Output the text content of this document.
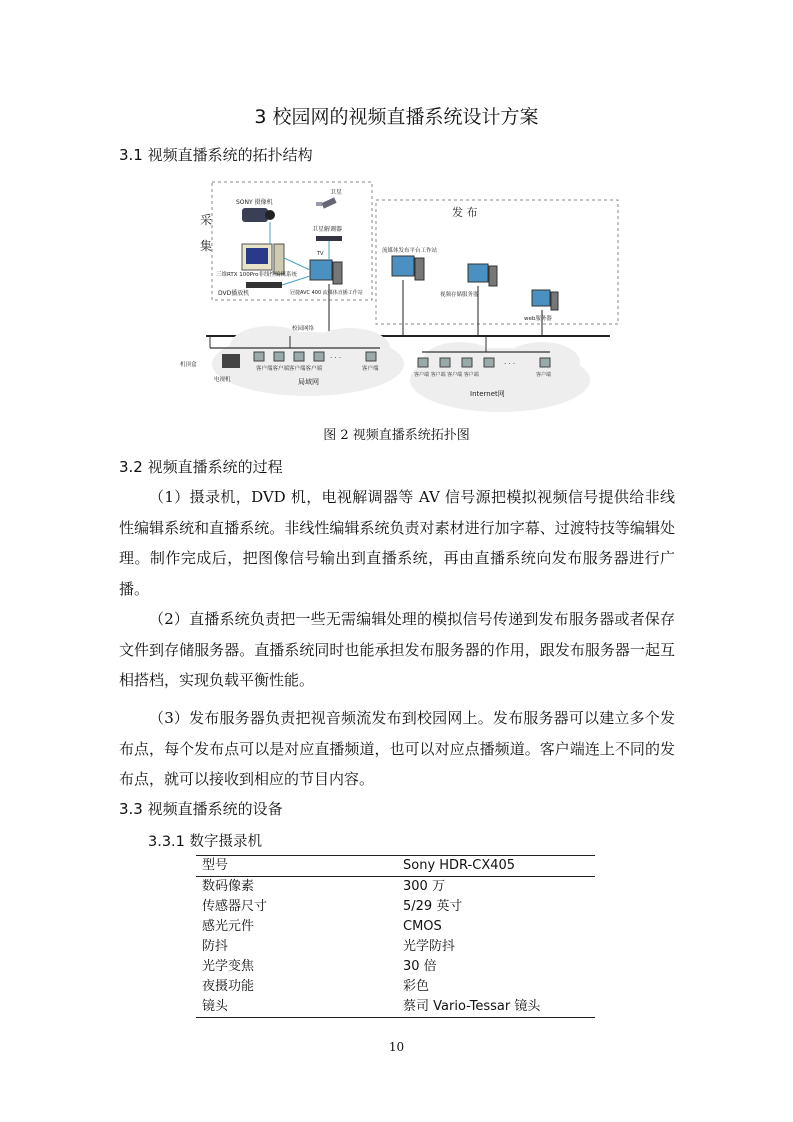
3 校园网的视频直播系统设计方案
3.1 视频直播系统的拓扑结构
采
集
发 布
SONY 摄像机
卫星
卫星解调器
TV
三维RTX 100Pro非线性编辑系统
DVD播放机	冠捷AVC 400 流媒体直播工作站
流媒体发布平台工作站
视频存储服务器
web服务器
校园网络
· · ·
客户端客户端客户端客户端	客户端
局域网
机顶盒
电视机
· · ·
客户端 客户端 客户端 客户端	客户端
Internet网
图 2 视频直播系统拓扑图
3.2 视频直播系统的过程
（1）摄录机，DVD 机，电视解调器等 AV 信号源把模拟视频信号提供给非线性编辑系统和直播系统。非线性编辑系统负责对素材进行加字幕、过渡特技等编辑处理。制作完成后，把图像信号输出到直播系统，再由直播系统向发布服务器进行广播。
（2）直播系统负责把一些无需编辑处理的模拟信号传递到发布服务器或者保存文件到存储服务器。直播系统同时也能承担发布服务器的作用，跟发布服务器一起互相搭档，实现负载平衡性能。
（3）发布服务器负责把视音频流发布到校园网上。发布服务器可以建立多个发布点，每个发布点可以是对应直播频道，也可以对应点播频道。客户端连上不同的发布点，就可以接收到相应的节目内容。
3.3 视频直播系统的设备
3.3.1 数字摄录机
型号	Sony HDR-CX405
数码像素	300 万
传感器尺寸	5/29 英寸
感光元件	CMOS
防抖	光学防抖
光学变焦	30 倍
夜摄功能	彩色
镜头	蔡司 Vario-Tessar 镜头
10
